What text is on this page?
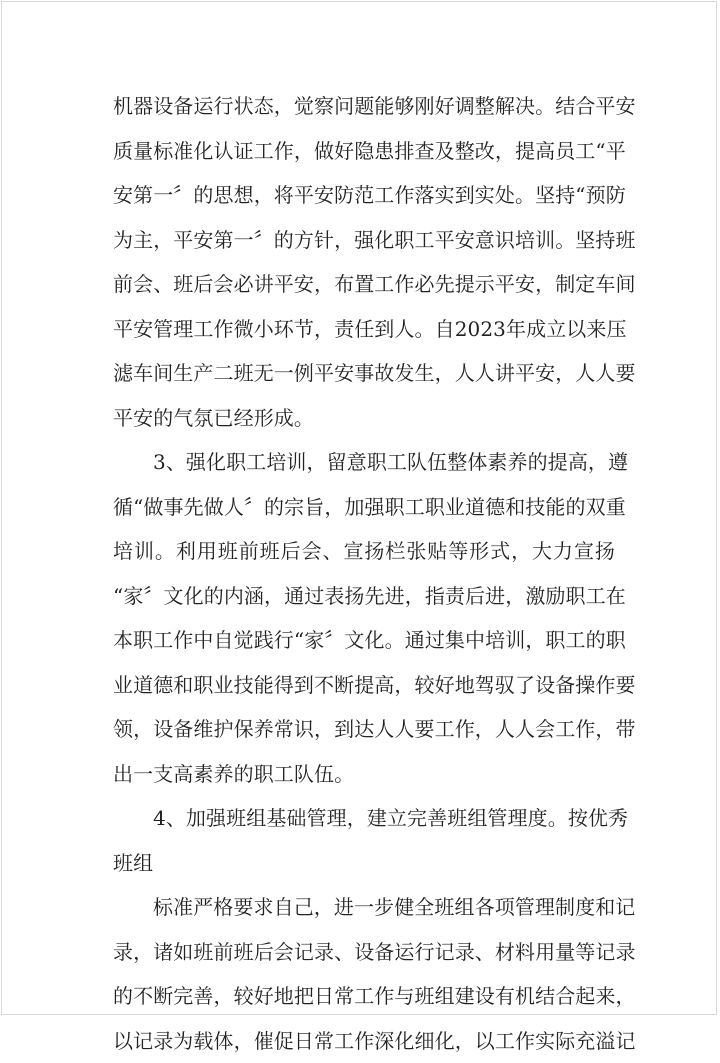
机器设备运行状态，觉察问题能够刚好调整解决。结合平安
质量标准化认证工作，做好隐患排查及整改，提高员工“平
安第一〞的思想，将平安防范工作落实到实处。坚持“预防
为主，平安第一〞的方针，强化职工平安意识培训。坚持班
前会、班后会必讲平安，布置工作必先提示平安，制定车间
平安管理工作微小环节，责任到人。自2023年成立以来压
滤车间生产二班无一例平安事故发生，人人讲平安，人人要
平安的气氛已经形成。
3、强化职工培训，留意职工队伍整体素养的提高，遵
循“做事先做人〞的宗旨，加强职工职业道德和技能的双重
培训。利用班前班后会、宣扬栏张贴等形式，大力宣扬
“家〞文化的内涵，通过表扬先进，指责后进，激励职工在
本职工作中自觉践行“家〞文化。通过集中培训，职工的职
业道德和职业技能得到不断提高，较好地驾驭了设备操作要
领，设备维护保养常识，到达人人要工作，人人会工作，带
出一支高素养的职工队伍。
4、加强班组基础管理，建立完善班组管理度。按优秀
班组
标准严格要求自己，进一步健全班组各项管理制度和记
录，诸如班前班后会记录、设备运行记录、材料用量等记录
的不断完善，较好地把日常工作与班组建设有机结合起来，
以记录为载体，催促日常工作深化细化，以工作实际充溢记
